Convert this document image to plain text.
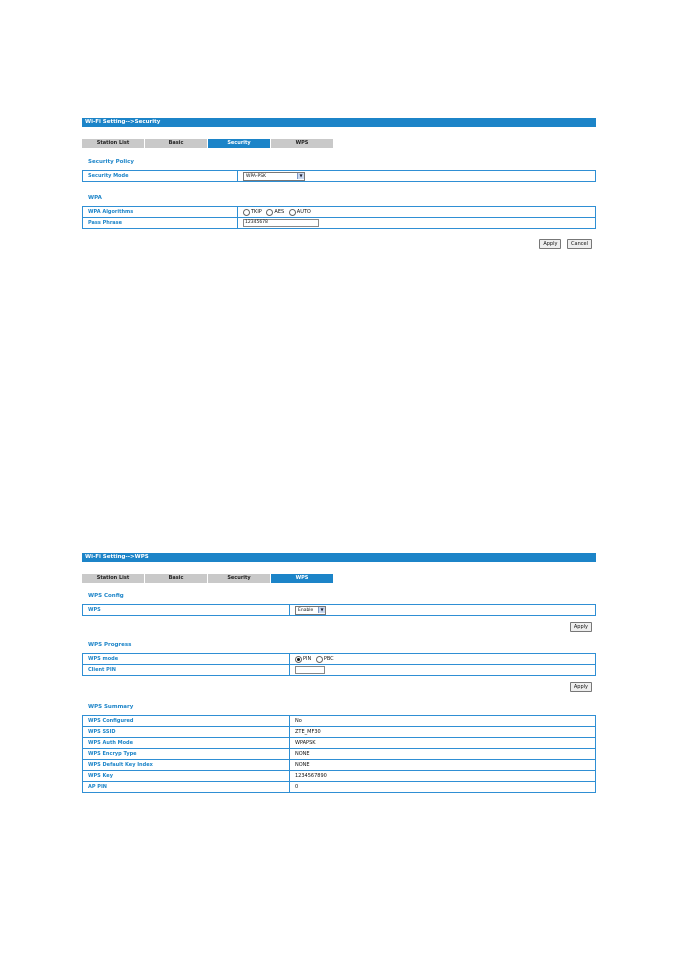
Wi-Fi Setting-->Security
Station List	Basic	Security	WPS
Security Policy
Security Mode	WPA-PSK	▼
WPA
WPA Algorithms	TKIP AES AUTO
Pass Phrase	12345678
Apply	Cancel
Wi-Fi Setting-->WPS
Station List	Basic	Security	WPS
WPS Config
WPS	Enable	▼
Apply
WPS Progress
WPS mode	PIN PBC
Client PIN	
Apply
WPS Summary
WPS Configured	No
WPS SSID	ZTE_MF30
WPS Auth Mode	WPAPSK
WPS Encryp Type	NONE
WPS Default Key Index	NONE
WPS Key	1234567890
AP PIN	0
